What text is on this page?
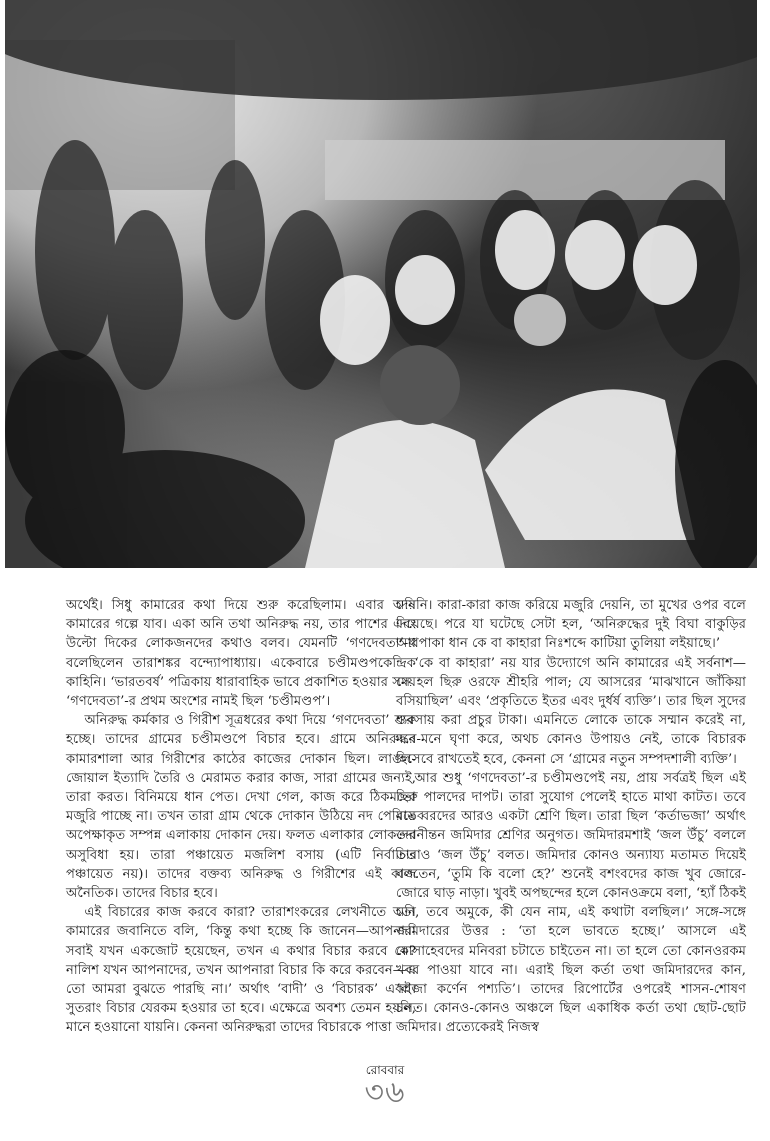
অর্থেই। সিধু কামারের কথা দিয়ে শুরু করেছিলাম। এবার অনি কামারের গল্পে যাব। একা অনি তথা অনিরুদ্ধ নয়, তার পাশের এবং উল্টো দিকের লোকজনদের কথাও বলব। যেমনটি ‘গণদেবতা’-য় বলেছিলেন তারাশঙ্কর বন্দ্যোপাধ্যায়। একেবারে চণ্ডীমণ্ডপকেন্দ্রিক কাহিনি। ‘ভারতবর্ষ’ পত্রিকায় ধারাবাহিক ভাবে প্রকাশিত হওয়ার সময় ‘গণদেবতা’-র প্রথম অংশের নামই ছিল ‘চণ্ডীমণ্ডপ’।

অনিরুদ্ধ কর্মকার ও গিরীশ সূত্রধরের কথা দিয়ে ‘গণদেবতা’ শুরু হচ্ছে। তাদের গ্রামের চণ্ডীমণ্ডপে বিচার হবে। গ্রামে অনিরুদ্ধর কামারশালা আর গিরীশের কাঠের কাজের দোকান ছিল। লাঙল-জোয়াল ইত্যাদি তৈরি ও মেরামত করার কাজ, সারা গ্রামের জন্যই, তারা করত। বিনিময়ে ধান পেত। দেখা গেল, কাজ করে ঠিকমতো মজুরি পাচ্ছে না। তখন তারা গ্রাম থেকে দোকান উঠিয়ে নদ পেরিয়ে অপেক্ষাকৃত সম্পন্ন এলাকায় দোকান দেয়। ফলত এলাকার লোকদের অসুবিধা হয়। তারা পঞ্চায়েত মজলিশ বসায় (এটি নির্বাচিত পঞ্চায়েত নয়)। তাদের বক্তব্য অনিরুদ্ধ ও গিরীশের এই কাজ অনৈতিক। তাদের বিচার হবে।

এই বিচারের কাজ করবে কারা? তারাশংকরের লেখনীতে অনি কামারের জবানিতে বলি, ‘কিন্তু কথা হচ্ছে কি জানেন—আপনারা সবাই যখন একজোট হয়েছেন, তখন এ কথার বিচার করবে কে? নালিশ যখন আপনাদের, তখন আপনারা বিচার কি করে করবেন—এ তো আমরা বুঝতে পারছি না।’ অর্থাৎ ‘বাদী’ ও ‘বিচারক’ একই। সুতরাং বিচার যেরকম হওয়ার তা হবে। এক্ষেত্রে অবশ্য তেমন হয়নি, মানে হওয়ানো যায়নি। কেননা অনিরুদ্ধরা তাদের বিচারকে পাত্তা

দেয়নি। কারা-কারা কাজ করিয়ে মজুরি দেয়নি, তা মুখের ওপর বলে দিয়েছে। পরে যা ঘটেছে সেটা হল, ‘অনিরুদ্ধের দুই বিঘা বাকুড়ির আধপাকা ধান কে বা কাহারা নিঃশব্দে কাটিয়া তুলিয়া লইয়াছে।’

‘কে বা কাহারা’ নয় যার উদ্যোগে অনি কামারের এই সর্বনাশ—সে হল ছিরু ওরফে শ্রীহরি পাল; যে আসরের ‘মাঝখানে জাঁকিয়া বসিয়াছিল’ এবং ‘প্রকৃতিতে ইতর এবং দুর্ধর্ষ ব্যক্তি’। তার ছিল সুদের ব্যবসায় করা প্রচুর টাকা। এমনিতে লোকে তাকে সম্মান করেই না, মনে-মনে ঘৃণা করে, অথচ কোনও উপায়ও নেই, তাকে বিচারক হিসেবে রাখতেই হবে, কেননা সে ‘গ্রামের নতুন সম্পদশালী ব্যক্তি’।

আর শুধু ‘গণদেবতা’-র চণ্ডীমণ্ডপেই নয়, প্রায় সর্বত্রই ছিল এই ছিরু পালদের দাপট। তারা সুযোগ পেলেই হাতে মাথা কাটত। তবে মাতব্বরদের আরও একটা শ্রেণি ছিল। তারা ছিল ‘কর্তাভজা’ অর্থাৎ তদানীন্তন জমিদার শ্রেণির অনুগত। জমিদারমশাই ‘জল উঁচু’ বললে তারাও ‘জল উঁচু’ বলত। জমিদার কোনও অন্যায্য মতামত দিয়েই বলতেন, ‘তুমি কি বলো হে?’ শুনেই বশংবদের কাজ খুব জোরে-জোরে ঘাড় নাড়া। খুবই অপছন্দের হলে কোনওক্রমে বলা, ‘হ্যাঁ ঠিকই তো, তবে অমুকে, কী যেন নাম, এই কথাটা বলছিল।’ সঙ্গে-সঙ্গে জমিদারের উত্তর : ‘তা হলে ভাবতে হচ্ছে।’ আসলে এই মোসাহেবদের মনিবরা চটাতে চাইতেন না। তা হলে তো কোনওরকম খবর পাওয়া যাবে না। এরাই ছিল কর্তা তথা জমিদারদের কান, ‘রাজা কর্ণেন পশ্যতি’। তাদের রিপোর্টের ওপরেই শাসন-শোষণ চলত। কোনও-কোনও অঞ্চলে ছিল একাধিক কর্তা তথা ছোট-ছোট জমিদার। প্রত্যেকেরই নিজস্ব

রোববার
৩৬
